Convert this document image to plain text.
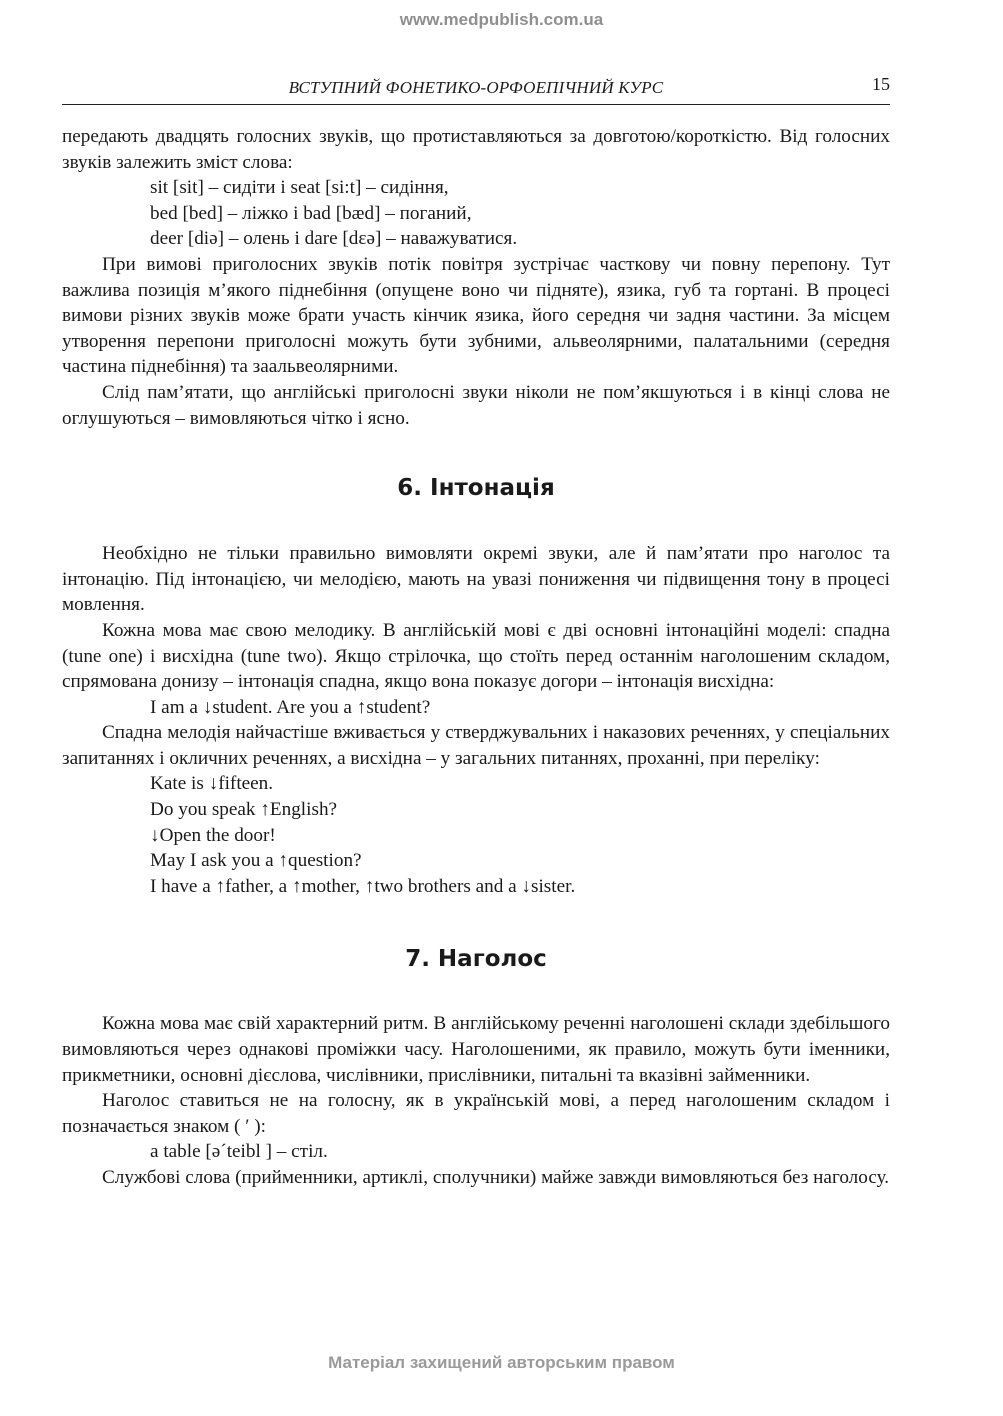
www.medpublish.com.ua
ВСТУПНИЙ ФОНЕТИКО-ОРФОЕПІЧНИЙ КУРС	15

передають двадцять голосних звуків, що протиставляються за довготою/короткістю. Від голосних звуків залежить зміст слова:

sit [sit] – сидіти і seat [si:t] – сидіння,

bed [bed] – ліжко і bad [bæd] – поганий,

deer [diə] – олень і dare [dɛə] – наважуватися.

При вимові приголосних звуків потік повітря зустрічає часткову чи повну перепону. Тут важлива позиція м’якого піднебіння (опущене воно чи підняте), язика, губ та гортані. В процесі вимови різних звуків може брати участь кінчик язика, його середня чи задня частини. За місцем утворення перепони приголосні можуть бути зубними, альвеолярними, палатальними (середня частина піднебіння) та заальвеолярними.

Слід пам’ятати, що англійські приголосні звуки ніколи не пом’якшуються і в кінці слова не оглушуються – вимовляються чітко і ясно.

6. Інтонація

Необхідно не тільки правильно вимовляти окремі звуки, але й пам’ятати про наголос та інтонацію. Під інтонацією, чи мелодією, мають на увазі пониження чи підвищення тону в процесі мовлення.

Кожна мова має свою мелодику. В англійській мові є дві основні інтонаційні моделі: спадна (tune one) і висхідна (tune two). Якщо стрілочка, що стоїть перед останнім наголошеним складом, спрямована донизу – інтонація спадна, якщо вона показує догори – інтонація висхідна:

I am a ↓student. Are you a ↑student?

Спадна мелодія найчастіше вживається у стверджувальних і наказових реченнях, у спеціальних запитаннях і окличних реченнях, а висхідна – у загальних питаннях, проханні, при переліку:

Kate is ↓fifteen.

Do you speak ↑English?

↓Open the door!

May I ask you a ↑question?

I have a ↑father, a ↑mother, ↑two brothers and a ↓sister.

7. Наголос

Кожна мова має свій характерний ритм. В англійському реченні наголошені склади здебільшого вимовляються через однакові проміжки часу. Наголошеними, як правило, можуть бути іменники, прикметники, основні дієслова, числівники, прислівники, питальні та вказівні займенники.

Наголос ставиться не на голосну, як в українській мові, а перед наголошеним складом і позначається знаком ( ′ ):

a table [ə´teibl ] – стіл.

Службові слова (прийменники, артиклі, сполучники) майже завжди вимовляються без наголосу.

Матеріал захищений авторським правом
